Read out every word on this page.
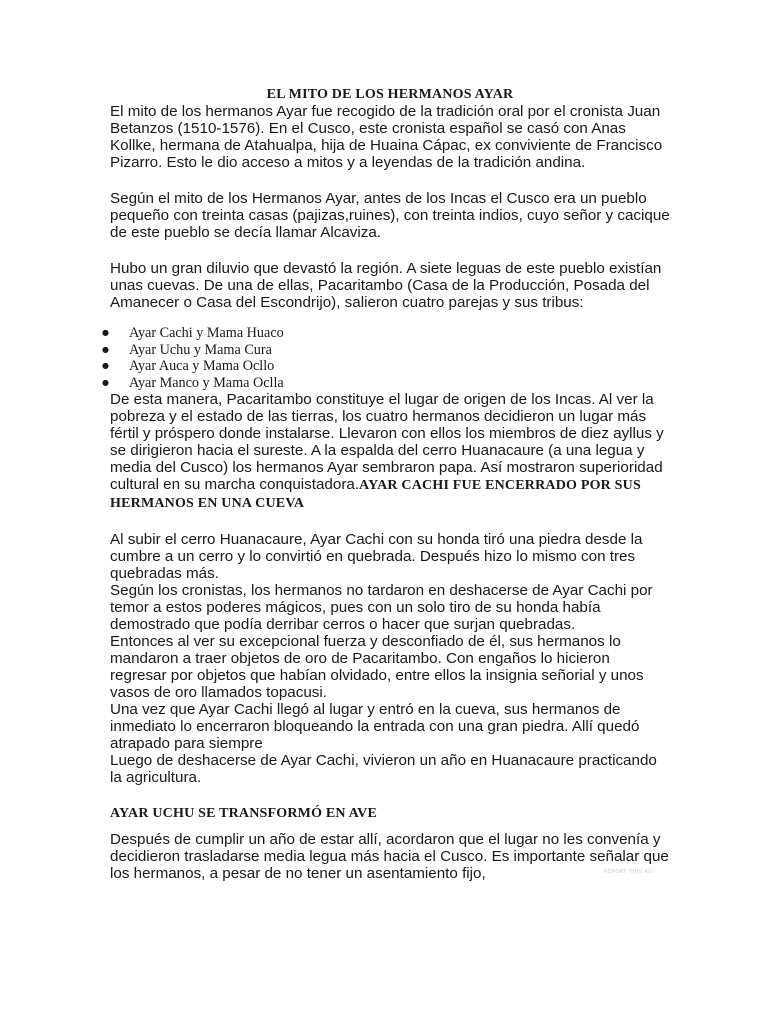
EL MITO DE LOS HERMANOS AYAR

El mito de los hermanos Ayar fue recogido de la tradición oral por el cronista Juan Betanzos (1510-1576). En el Cusco, este cronista español se casó con Anas Kollke, hermana de Atahualpa, hija de Huaina Cápac, ex conviviente de Francisco Pizarro. Esto le dio acceso a mitos y a leyendas de la tradición andina.

Según el mito de los Hermanos Ayar, antes de los Incas el Cusco era un pueblo pequeño con treinta casas (pajizas,ruines), con treinta indios, cuyo señor y cacique de este pueblo se decía llamar Alcaviza.

Hubo un gran diluvio que devastó la región. A siete leguas de este pueblo existían unas cuevas. De una de ellas, Pacaritambo (Casa de la Producción, Posada del Amanecer o Casa del Escondrijo), salieron cuatro parejas y sus tribus:

● Ayar Cachi y Mama Huaco
● Ayar Uchu y Mama Cura
● Ayar Auca y Mama Ocllo
● Ayar Manco y Mama Oclla

De esta manera, Pacaritambo constituye el lugar de origen de los Incas. Al ver la pobreza y el estado de las tierras, los cuatro hermanos decidieron un lugar más fértil y próspero donde instalarse. Llevaron con ellos los miembros de diez ayllus y se dirigieron hacia el sureste. A la espalda del cerro Huanacaure (a una legua y media del Cusco) los hermanos Ayar sembraron papa. Así mostraron superioridad cultural en su marcha conquistadora.AYAR CACHI FUE ENCERRADO POR SUS HERMANOS EN UNA CUEVA

Al subir el cerro Huanacaure, Ayar Cachi con su honda tiró una piedra desde la cumbre a un cerro y lo convirtió en quebrada. Después hizo lo mismo con tres quebradas más.

Según los cronistas, los hermanos no tardaron en deshacerse de Ayar Cachi por temor a estos poderes mágicos, pues con un solo tiro de su honda había demostrado que podía derribar cerros o hacer que surjan quebradas.

Entonces al ver su excepcional fuerza y desconfiado de él, sus hermanos lo mandaron a traer objetos de oro de Pacaritambo. Con engaños lo hicieron regresar por objetos que habían olvidado, entre ellos la insignia señorial y unos vasos de oro llamados topacusi.

Una vez que Ayar Cachi llegó al lugar y entró en la cueva, sus hermanos de inmediato lo encerraron bloqueando la entrada con una gran piedra. Allí quedó atrapado para siempre

Luego de deshacerse de Ayar Cachi, vivieron un año en Huanacaure practicando la agricultura.

AYAR UCHU SE TRANSFORMÓ EN AVE

Después de cumplir un año de estar allí, acordaron que el lugar no les convenía y decidieron trasladarse media legua más hacia el Cusco. Es importante señalar que los hermanos, a pesar de no tener un asentamiento fijo,	REPORT THIS AD
